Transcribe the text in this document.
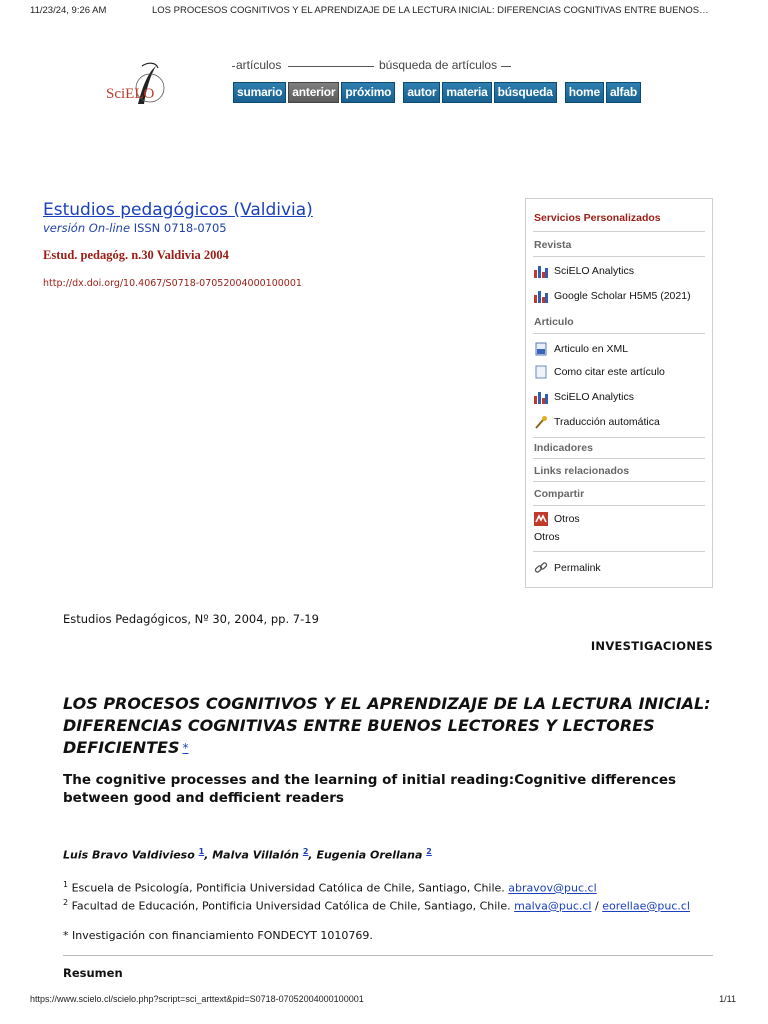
11/23/24, 9:26 AM	LOS PROCESOS COGNITIVOS Y EL APRENDIZAJE DE LA LECTURA INICIAL: DIFERENCIAS COGNITIVAS ENTRE BUENOS…
SciELO
artículos	búsqueda de artículos
sumario anterior próximo	autor materia búsqueda	home alfab
Estudios pedagógicos (Valdivia)
versión On-line ISSN 0718-0705
Estud. pedagóg. n.30 Valdivia 2004
http://dx.doi.org/10.4067/S0718-07052004000100001
Servicios Personalizados
Revista
SciELO Analytics
Google Scholar H5M5 (2021)
Articulo
Articulo en XML
Como citar este artículo
SciELO Analytics
Traducción automática
Indicadores
Links relacionados
Compartir
Otros
Otros
Permalink
Estudios Pedagógicos, Nº 30, 2004, pp. 7-19
INVESTIGACIONES
LOS PROCESOS COGNITIVOS Y EL APRENDIZAJE DE LA LECTURA INICIAL: DIFERENCIAS COGNITIVAS ENTRE BUENOS LECTORES Y LECTORES DEFICIENTES *
The cognitive processes and the learning of initial reading:Cognitive differences between good and defficient readers
Luis Bravo Valdivieso $^1$, Malva Villalón $^2$, Eugenia Orellana $^2$
$^1$ Escuela de Psicología, Pontificia Universidad Católica de Chile, Santiago, Chile. abravov@puc.cl
$^2$ Facultad de Educación, Pontificia Universidad Católica de Chile, Santiago, Chile. malva@puc.cl / eorellae@puc.cl
* Investigación con financiamiento FONDECYT 1010769.
Resumen
https://www.scielo.cl/scielo.php?script=sci_arttext&pid=S0718-07052004000100001	1/11
